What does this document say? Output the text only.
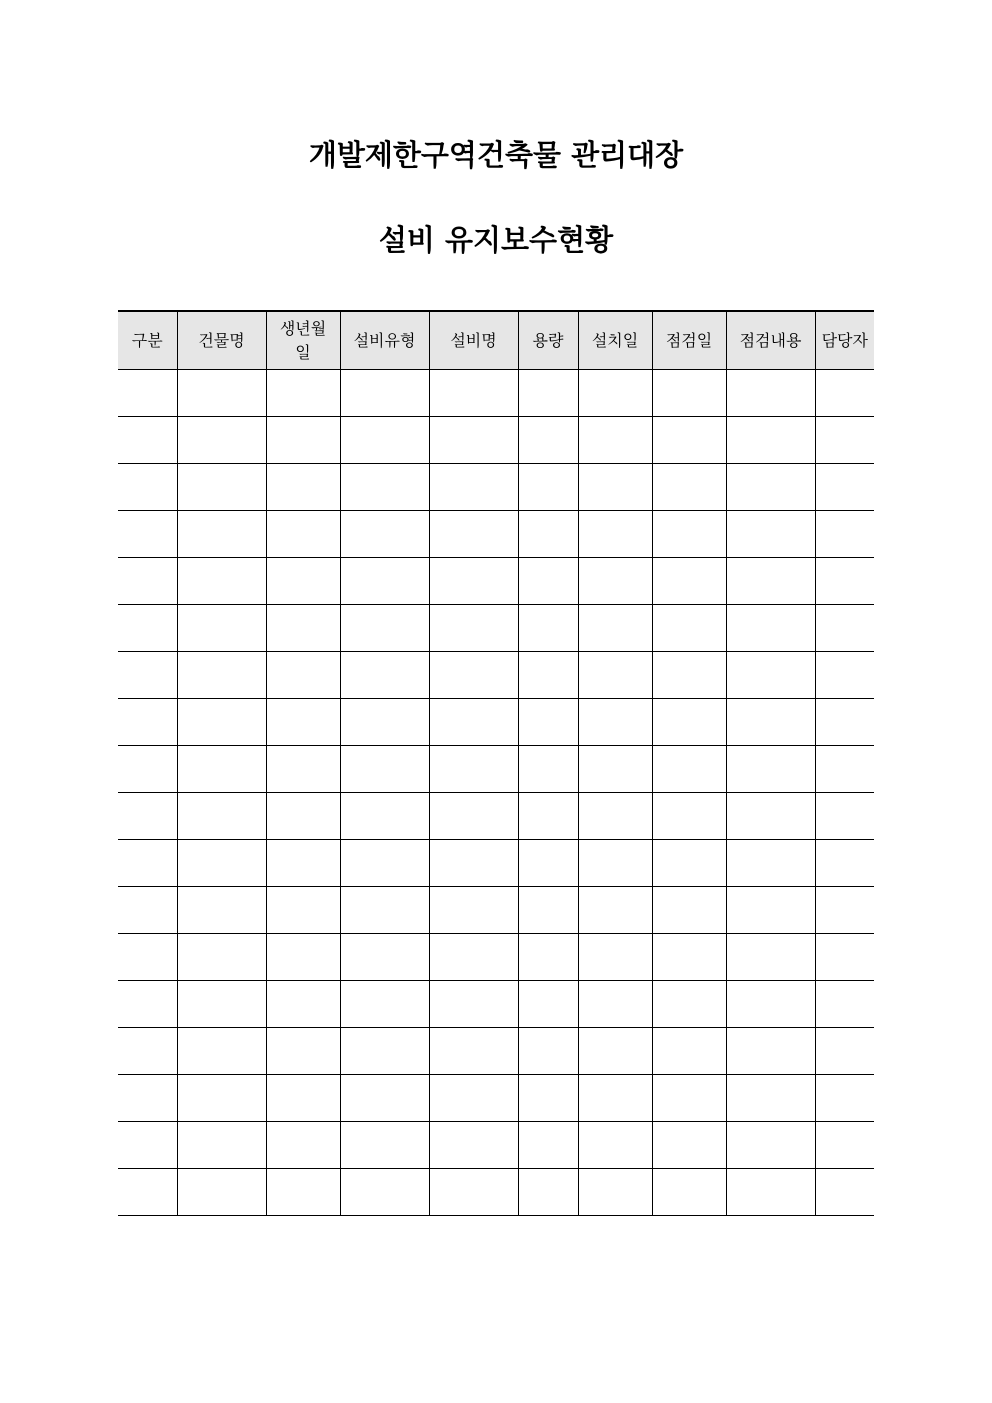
개발제한구역건축물 관리대장
설비 유지보수현황
구분	건물명	생년월일	설비유형	설비명	용량	설치일	점검일	점검내용	담당자
